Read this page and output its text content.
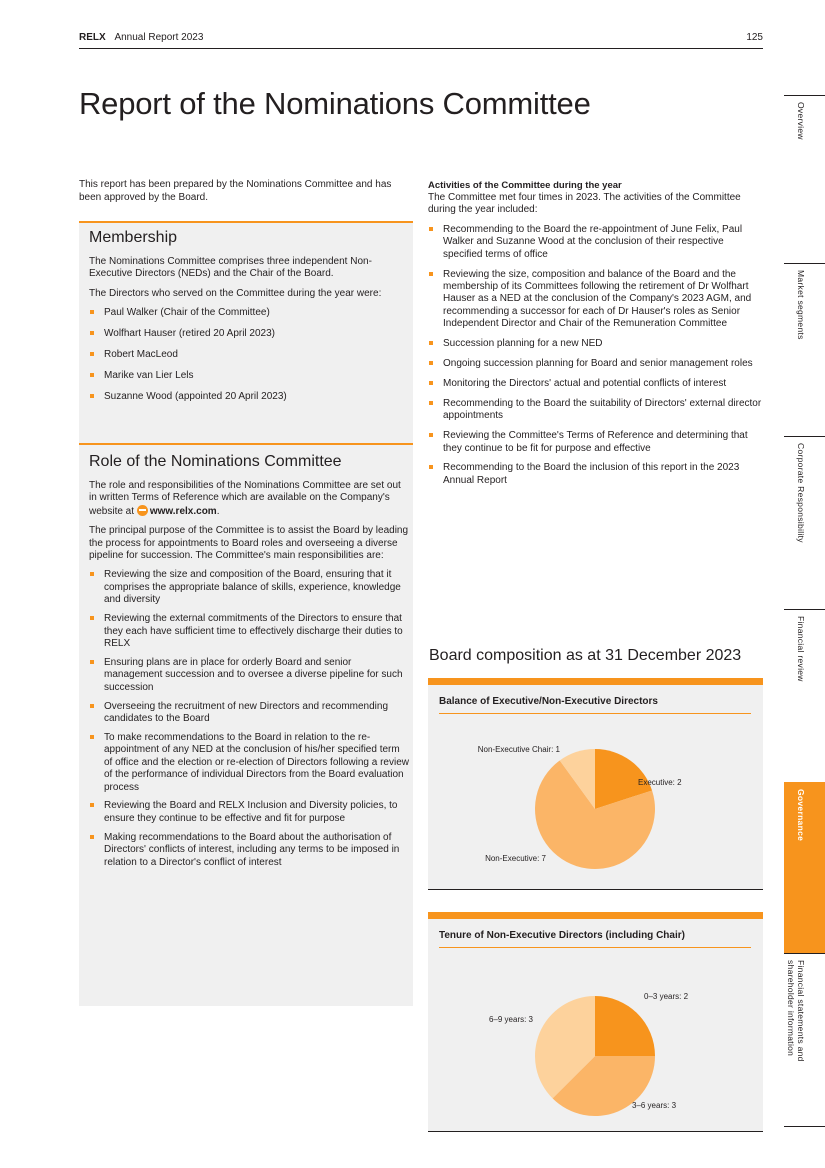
RELX Annual Report 2023	125
Report of the Nominations Committee	Overview
Market segments
Corporate Responsibility
Financial review
Governance
Financial statements and shareholder information

This report has been prepared by the Nominations Committee and has been approved by the Board.

Membership

The Nominations Committee comprises three independent Non-Executive Directors (NEDs) and the Chair of the Board.

The Directors who served on the Committee during the year were:

Paul Walker (Chair of the Committee)
Wolfhart Hauser (retired 20 April 2023)
Robert MacLeod
Marike van Lier Lels
Suzanne Wood (appointed 20 April 2023)
Role of the Nominations Committee

The role and responsibilities of the Nominations Committee are set out in written Terms of Reference which are available on the Company's website at www.relx.com.

The principal purpose of the Committee is to assist the Board by leading the process for appointments to Board roles and overseeing a diverse pipeline for succession. The Committee's main responsibilities are:

Reviewing the size and composition of the Board, ensuring that it comprises the appropriate balance of skills, experience, knowledge and diversity
Reviewing the external commitments of the Directors to ensure that they each have sufficient time to effectively discharge their duties to RELX
Ensuring plans are in place for orderly Board and senior management succession and to oversee a diverse pipeline for such succession
Overseeing the recruitment of new Directors and recommending candidates to the Board
To make recommendations to the Board in relation to the re-appointment of any NED at the conclusion of his/her specified term of office and the election or re-election of Directors following a review of the performance of individual Directors from the Board evaluation process
Reviewing the Board and RELX Inclusion and Diversity policies, to ensure they continue to be effective and fit for purpose
Making recommendations to the Board about the authorisation of Directors' conflicts of interest, including any terms to be imposed in relation to a Director's conflict of interest
Activities of the Committee during the year

The Committee met four times in 2023. The activities of the Committee during the year included:

Recommending to the Board the re-appointment of June Felix, Paul Walker and Suzanne Wood at the conclusion of their respective specified terms of office
Reviewing the size, composition and balance of the Board and the membership of its Committees following the retirement of Dr Wolfhart Hauser as a NED at the conclusion of the Company's 2023 AGM, and recommending a successor for each of Dr Hauser's roles as Senior Independent Director and Chair of the Remuneration Committee
Succession planning for a new NED
Ongoing succession planning for Board and senior management roles
Monitoring the Directors' actual and potential conflicts of interest
Recommending to the Board the suitability of Directors' external director appointments
Reviewing the Committee's Terms of Reference and determining that they continue to be fit for purpose and effective
Recommending to the Board the inclusion of this report in the 2023 Annual Report
Board composition as at 31 December 2023
Balance of Executive/Non-Executive Directors
Executive: 2
Non-Executive: 7
Non-Executive Chair: 1
Tenure of Non-Executive Directors (including Chair)
0–3 years: 2
3–6 years: 3
6–9 years: 3
